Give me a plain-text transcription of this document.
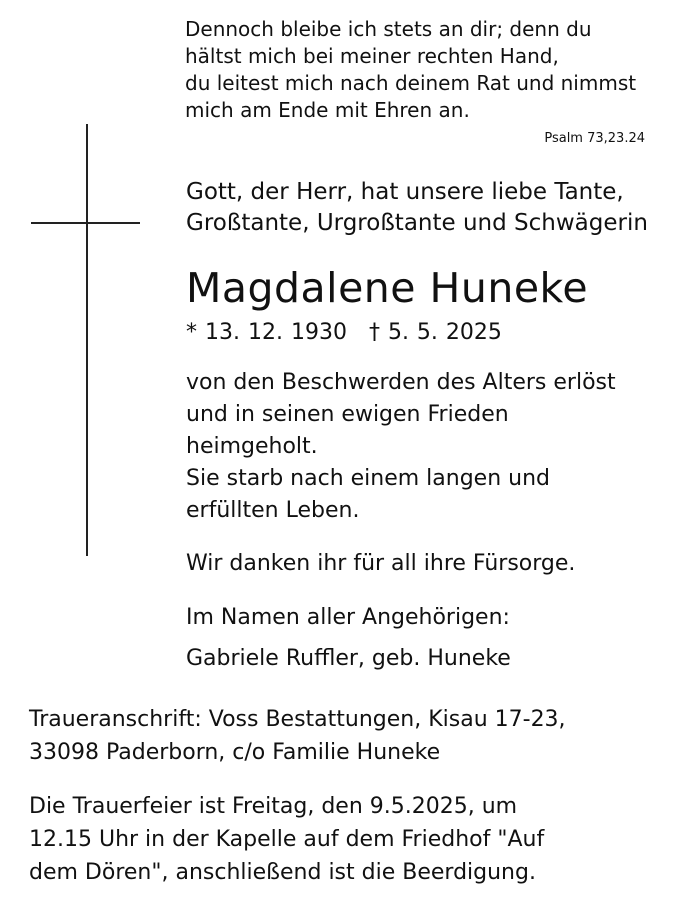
Dennoch bleibe ich stets an dir; denn du
hältst mich bei meiner rechten Hand,
du leitest mich nach deinem Rat und nimmst
mich am Ende mit Ehren an.
Psalm 73,23.24
Gott, der Herr, hat unsere liebe Tante,
Großtante, Urgroßtante und Schwägerin
Magdalene Huneke
* 13. 12. 1930 † 5. 5. 2025
von den Beschwerden des Alters erlöst
und in seinen ewigen Frieden
heimgeholt.
Sie starb nach einem langen und
erfüllten Leben.
Wir danken ihr für all ihre Fürsorge.
Im Namen aller Angehörigen:
Gabriele Ruffler, geb. Huneke
Traueranschrift: Voss Bestattungen, Kisau 17-23,
33098 Paderborn, c/o Familie Huneke
Die Trauerfeier ist Freitag, den 9.5.2025, um
12.15 Uhr in der Kapelle auf dem Friedhof "Auf
dem Dören", anschließend ist die Beerdigung.
